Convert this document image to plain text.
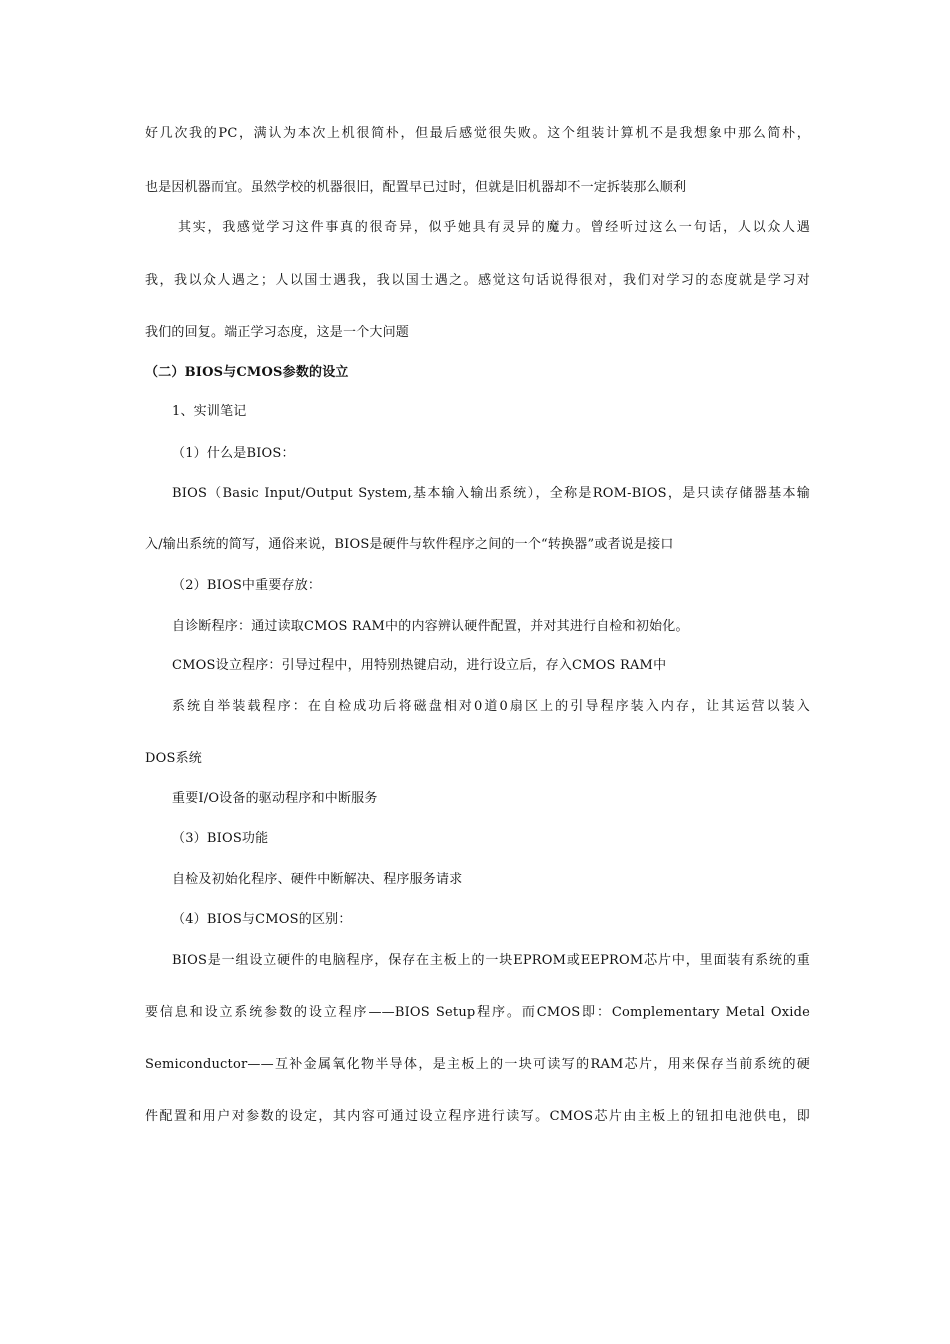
好几次我的PC，满认为本次上机很简朴，但最后感觉很失败。这个组装计算机不是我想象中那么简朴，
也是因机器而宜。虽然学校的机器很旧，配置早已过时，但就是旧机器却不一定拆装那么顺利
其实，我感觉学习这件事真的很奇异，似乎她具有灵异的魔力。曾经听过这么一句话，人以众人遇
我，我以众人遇之；人以国士遇我，我以国士遇之。感觉这句话说得很对，我们对学习的态度就是学习对
我们的回复。端正学习态度，这是一个大问题
（二）BIOS与CMOS参数的设立
1、实训笔记
（1）什么是BIOS：
BIOS（Basic Input/Output System,基本输入输出系统），全称是ROM-BIOS，是只读存储器基本输
入/输出系统的简写，通俗来说，BIOS是硬件与软件程序之间的一个“转换器”或者说是接口
（2）BIOS中重要存放：
自诊断程序：通过读取CMOS RAM中的内容辨认硬件配置，并对其进行自检和初始化。
CMOS设立程序：引导过程中，用特别热键启动，进行设立后，存入CMOS RAM中
系统自举装载程序：在自检成功后将磁盘相对0道0扇区上的引导程序装入内存，让其运营以装入
DOS系统
重要I/O设备的驱动程序和中断服务
（3）BIOS功能
自检及初始化程序、硬件中断解决、程序服务请求
（4）BIOS与CMOS的区别：
BIOS是一组设立硬件的电脑程序，保存在主板上的一块EPROM或EEPROM芯片中，里面装有系统的重
要信息和设立系统参数的设立程序——BIOS Setup程序。而CMOS即：Complementary Metal Oxide
Semiconductor——互补金属氧化物半导体，是主板上的一块可读写的RAM芯片，用来保存当前系统的硬
件配置和用户对参数的设定，其内容可通过设立程序进行读写。CMOS芯片由主板上的钮扣电池供电，即
